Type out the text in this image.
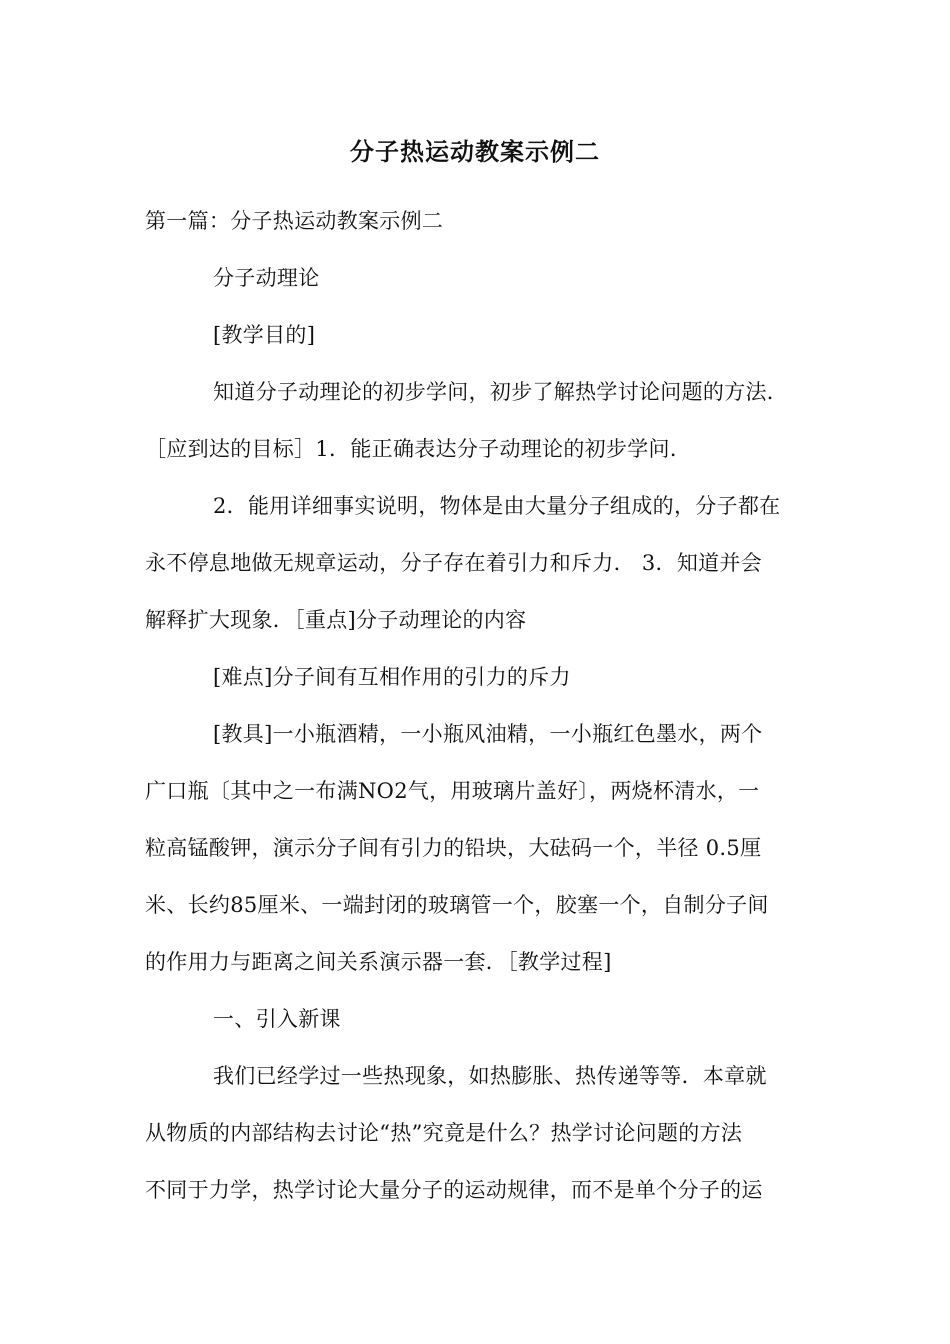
分子热运动教案示例二
第一篇：分子热运动教案示例二
分子动理论
[教学目的]
知道分子动理论的初步学问，初步了解热学讨论问题的方法．
［应到达的目标］1．能正确表达分子动理论的初步学问．
2．能用详细事实说明，物体是由大量分子组成的，分子都在
永不停息地做无规章运动，分子存在着引力和斥力． 3．知道并会
解释扩大现象．［重点]分子动理论的内容
[难点]分子间有互相作用的引力的斥力
[教具]一小瓶酒精，一小瓶风油精，一小瓶红色墨水，两个
广口瓶〔其中之一布满NO2气，用玻璃片盖好〕，两烧杯清水，一
粒高锰酸钾，演示分子间有引力的铅块，大砝码一个，半径 0.5厘
米、长约85厘米、一端封闭的玻璃管一个，胶塞一个，自制分子间
的作用力与距离之间关系演示器一套．［教学过程]
一、引入新课
我们已经学过一些热现象，如热膨胀、热传递等等．本章就
从物质的内部结构去讨论“热”究竟是什么？热学讨论问题的方法
不同于力学，热学讨论大量分子的运动规律，而不是单个分子的运
